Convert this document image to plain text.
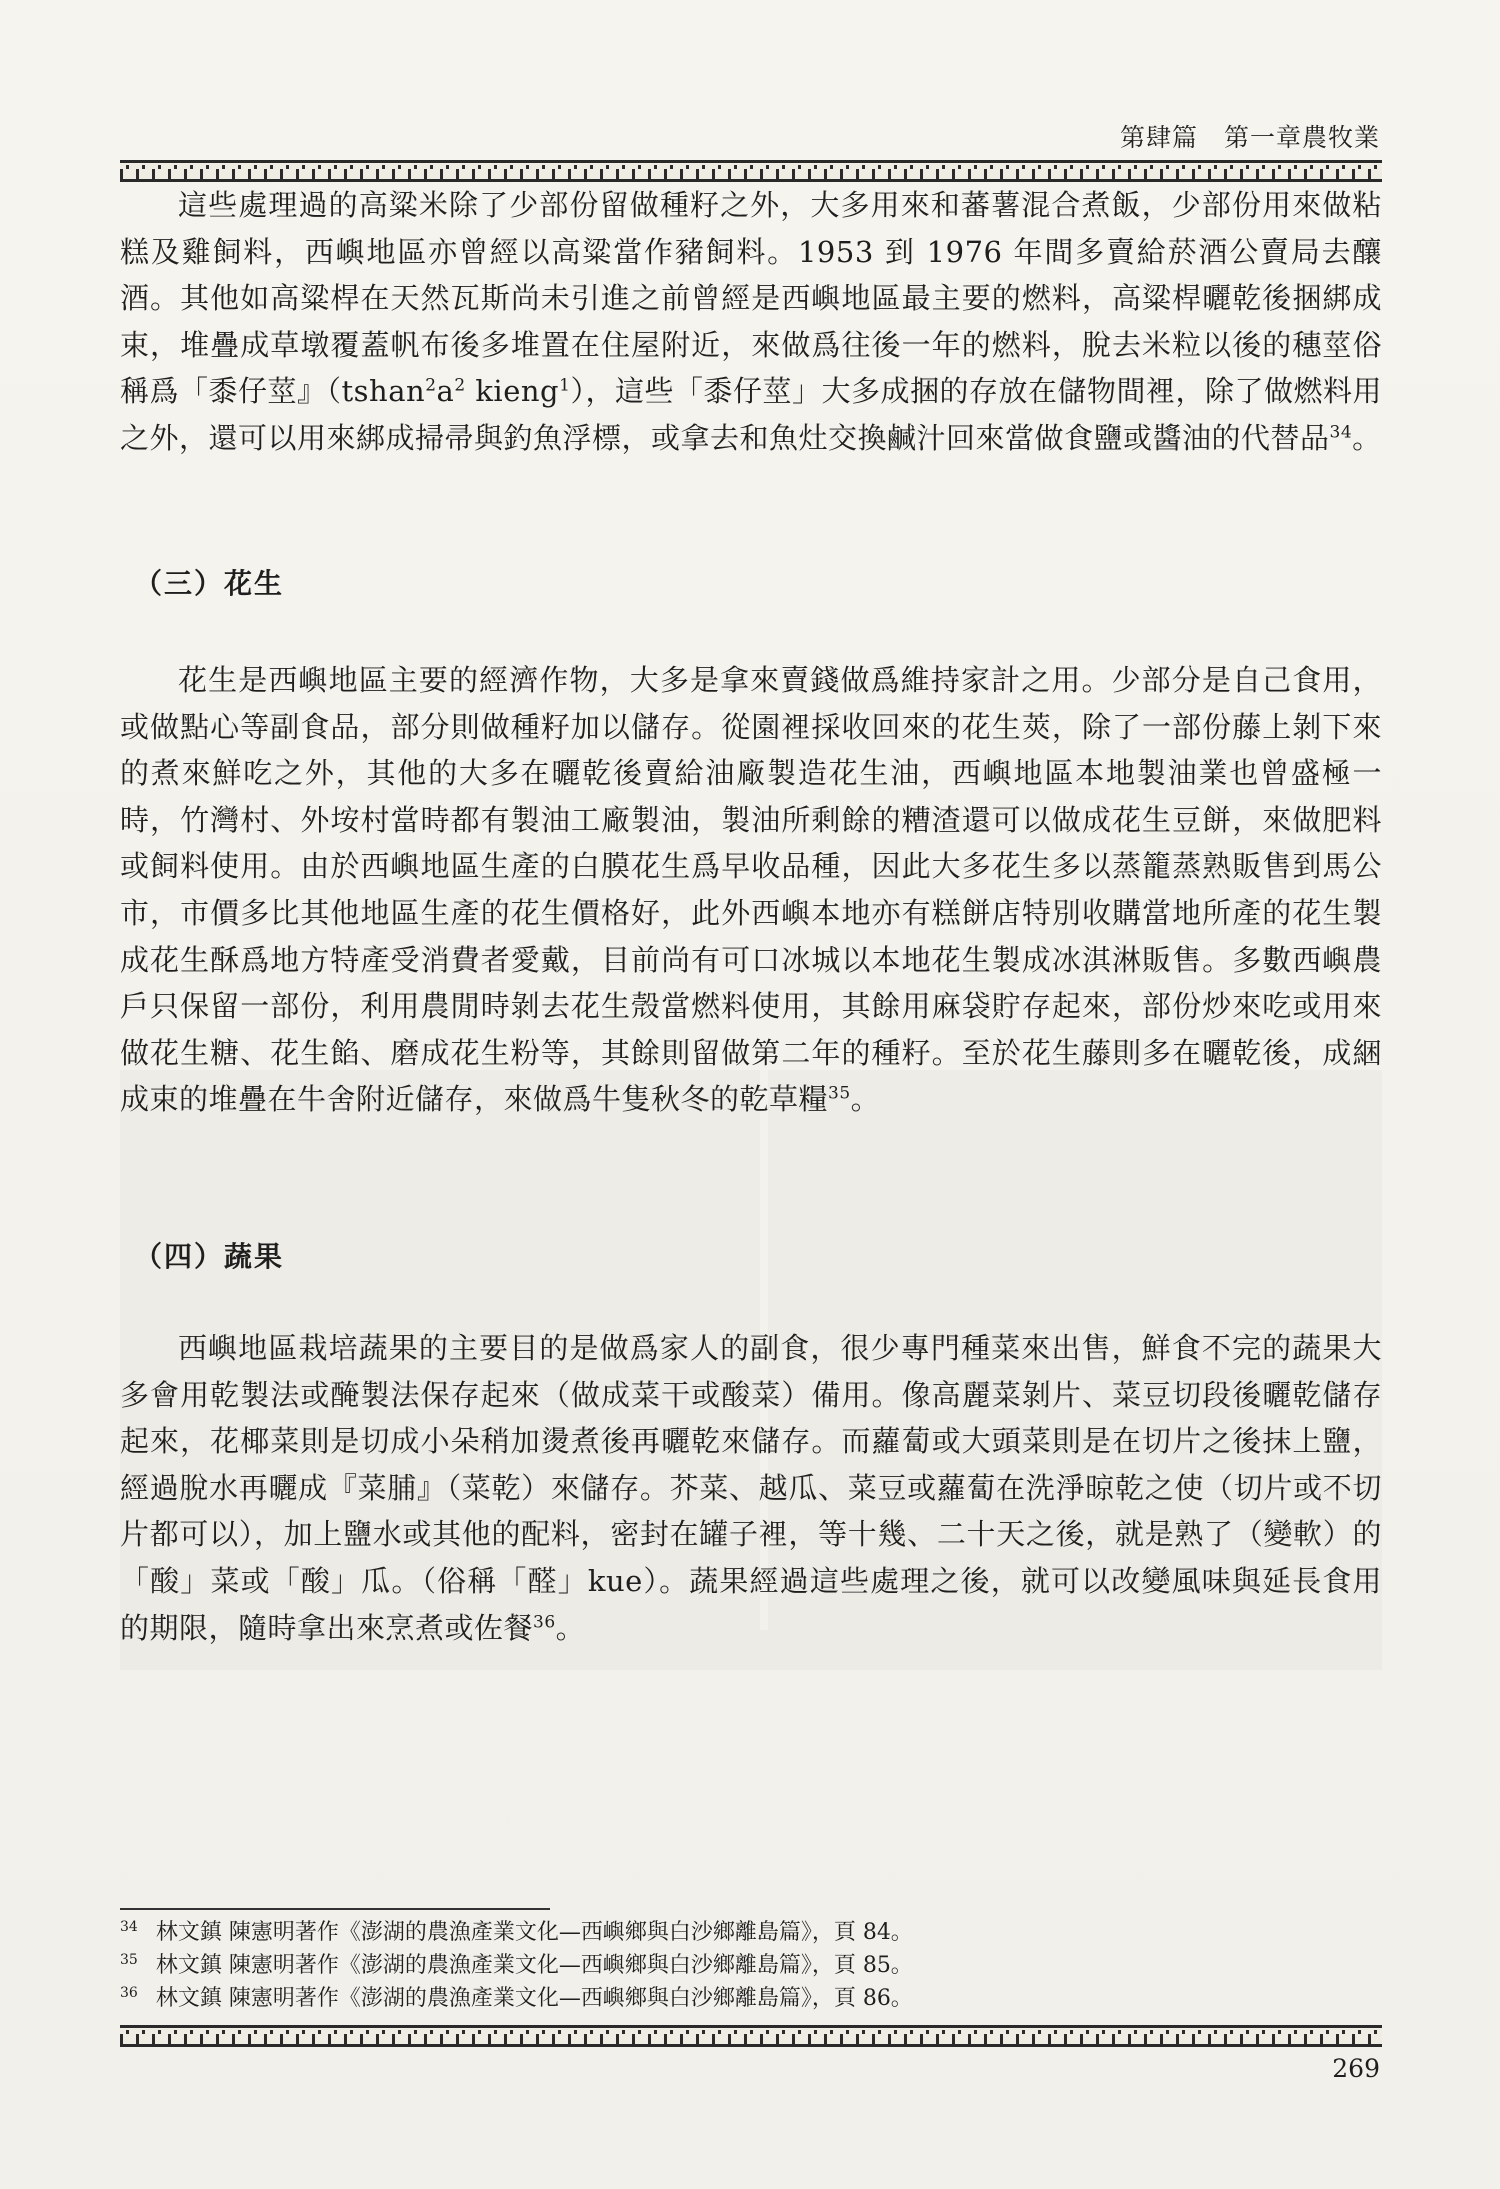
第肆篇 第一章農牧業

這些處理過的高粱米除了少部份留做種籽之外，大多用來和蕃薯混合煮飯，少部份用來做粘糕及雞飼料，西嶼地區亦曾經以高粱當作豬飼料。1953 到 1976 年間多賣給菸酒公賣局去釀酒。其他如高粱桿在天然瓦斯尚未引進之前曾經是西嶼地區最主要的燃料，高粱桿曬乾後捆綁成束，堆疊成草墩覆蓋帆布後多堆置在住屋附近，來做爲往後一年的燃料，脫去米粒以後的穗莖俗稱爲「黍仔莖』（$tshan^2a^2$ kieng$^1$），這些「黍仔莖」大多成捆的存放在儲物間裡，除了做燃料用之外，還可以用來綁成掃帚與釣魚浮標，或拿去和魚灶交換鹹汁回來當做食鹽或醬油的代替品$^{34}$。

（三）花生

花生是西嶼地區主要的經濟作物，大多是拿來賣錢做爲維持家計之用。少部分是自己食用，或做點心等副食品，部分則做種籽加以儲存。從園裡採收回來的花生莢，除了一部份藤上剝下來的煮來鮮吃之外，其他的大多在曬乾後賣給油廠製造花生油，西嶼地區本地製油業也曾盛極一時，竹灣村、外垵村當時都有製油工廠製油，製油所剩餘的糟渣還可以做成花生豆餅，來做肥料或飼料使用。由於西嶼地區生產的白膜花生爲早收品種，因此大多花生多以蒸籠蒸熟販售到馬公市，市價多比其他地區生產的花生價格好，此外西嶼本地亦有糕餅店特別收購當地所產的花生製成花生酥爲地方特產受消費者愛戴，目前尚有可口冰城以本地花生製成冰淇淋販售。多數西嶼農戶只保留一部份，利用農閒時剝去花生殼當燃料使用，其餘用麻袋貯存起來，部份炒來吃或用來做花生糖、花生餡、磨成花生粉等，其餘則留做第二年的種籽。至於花生藤則多在曬乾後，成綑成束的堆疊在牛舍附近儲存，來做爲牛隻秋冬的乾草糧$^{35}$。

（四）蔬果

西嶼地區栽培蔬果的主要目的是做爲家人的副食，很少專門種菜來出售，鮮食不完的蔬果大多會用乾製法或醃製法保存起來（做成菜干或酸菜）備用。像高麗菜剝片、菜豆切段後曬乾儲存起來，花椰菜則是切成小朵稍加燙煮後再曬乾來儲存。而蘿蔔或大頭菜則是在切片之後抹上鹽，經過脫水再曬成『菜脯』（菜乾）來儲存。芥菜、越瓜、菜豆或蘿蔔在洗淨晾乾之使（切片或不切片都可以），加上鹽水或其他的配料，密封在罐子裡，等十幾、二十天之後，就是熟了（變軟）的「酸」菜或「酸」瓜。（俗稱「醛」kue）。蔬果經過這些處理之後，就可以改變風味與延長食用的期限，隨時拿出來烹煮或佐餐$^{36}$。

$^{34}$ 林文鎮 陳憲明著作《澎湖的農漁產業文化—西嶼鄉與白沙鄉離島篇》，頁 84。
$^{35}$ 林文鎮 陳憲明著作《澎湖的農漁產業文化—西嶼鄉與白沙鄉離島篇》，頁 85。
$^{36}$ 林文鎮 陳憲明著作《澎湖的農漁產業文化—西嶼鄉與白沙鄉離島篇》，頁 86。
269
